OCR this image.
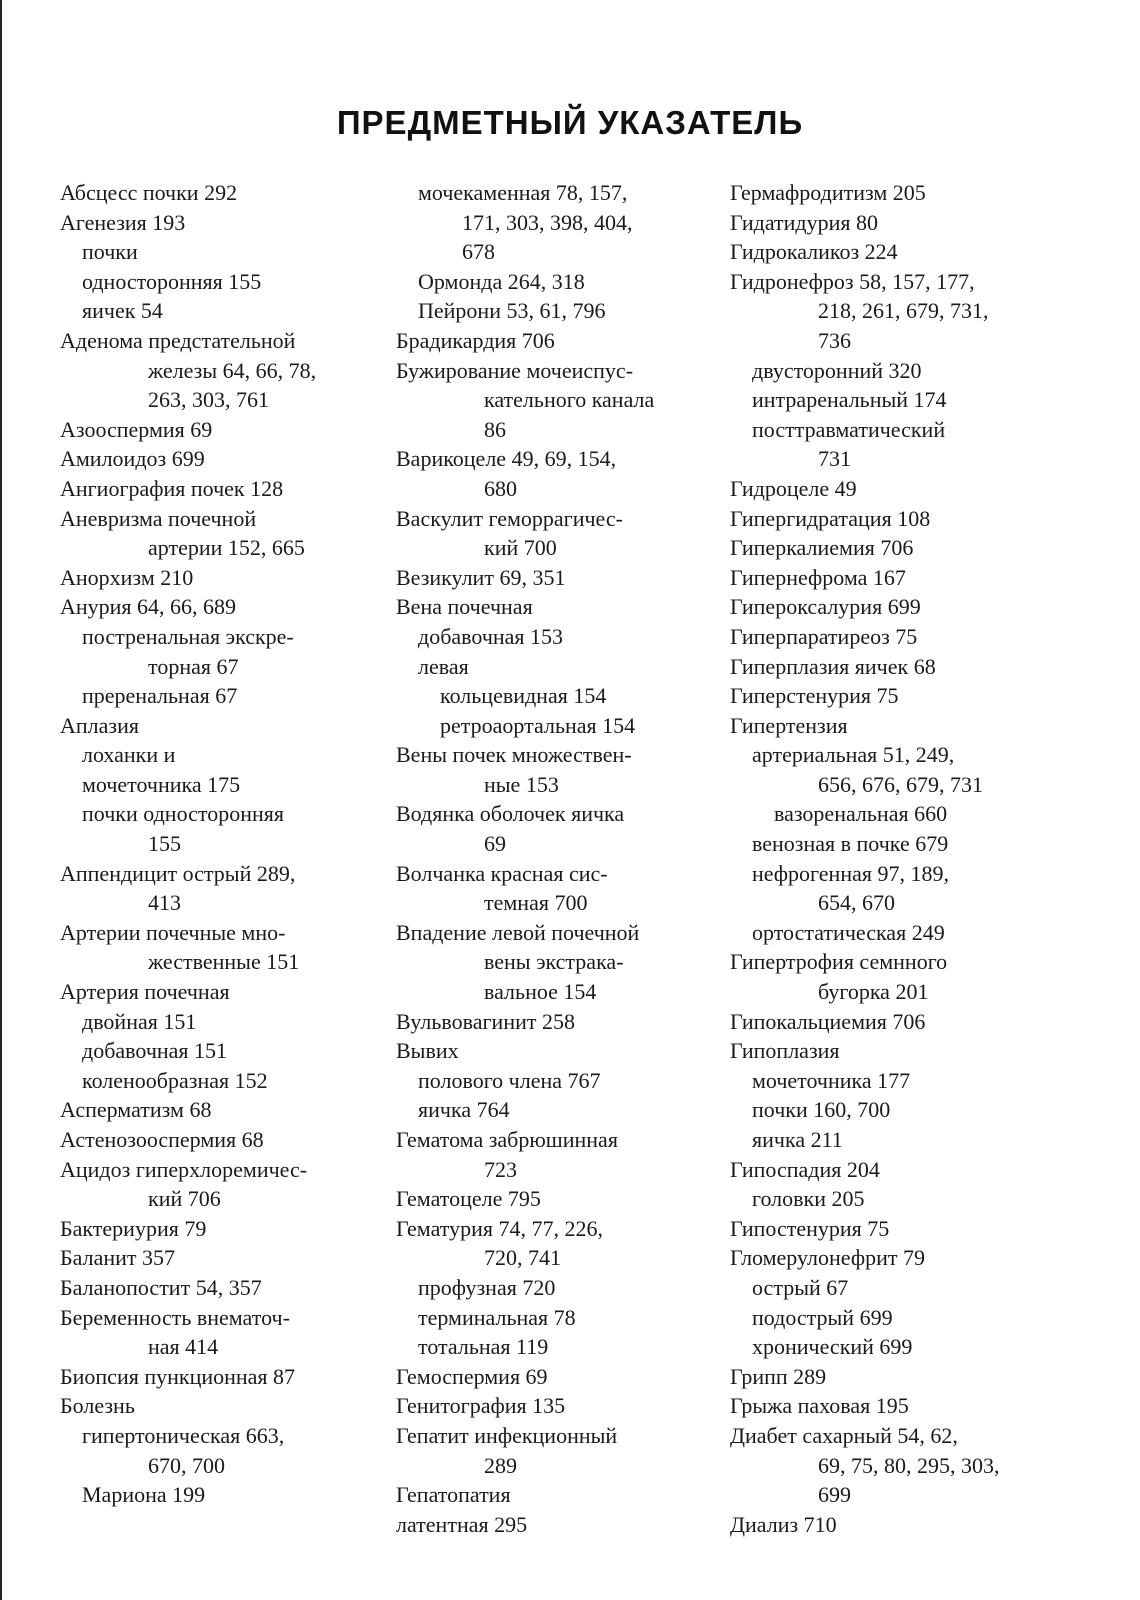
ПРЕДМЕТНЫЙ УКАЗАТЕЛЬ
Абсцесс почки 292
Агенезия 193
почки
односторонняя 155
яичек 54
Аденома предстательной
железы 64, 66, 78,
263, 303, 761
Азооспермия 69
Амилоидоз 699
Ангиография почек 128
Аневризма почечной
артерии 152, 665
Анорхизм 210
Анурия 64, 66, 689
постренальная экскре-
торная 67
преренальная 67
Аплазия
лоханки и
мочеточника 175
почки односторонняя
155
Аппендицит острый 289,
413
Артерии почечные мно-
жественные 151
Артерия почечная
двойная 151
добавочная 151
коленообразная 152
Асперматизм 68
Астенозооспермия 68
Ацидоз гиперхлоремичес-
кий 706
Бактериурия 79
Баланит 357
Баланопостит 54, 357
Беременность внематоч-
ная 414
Биопсия пункционная 87
Болезнь
гипертоническая 663,
670, 700
Мариона 199
мочекаменная 78, 157,
171, 303, 398, 404,
678
Ормонда 264, 318
Пейрони 53, 61, 796
Брадикардия 706
Бужирование мочеиспус-
кательного канала
86
Варикоцеле 49, 69, 154,
680
Васкулит геморрагичес-
кий 700
Везикулит 69, 351
Вена почечная
добавочная 153
левая
кольцевидная 154
ретроаортальная 154
Вены почек множествен-
ные 153
Водянка оболочек яичка
69
Волчанка красная сис-
темная 700
Впадение левой почечной
вены экстрака-
вальное 154
Вульвовагинит 258
Вывих
полового члена 767
яичка 764
Гематома забрюшинная
723
Гематоцеле 795
Гематурия 74, 77, 226,
720, 741
профузная 720
терминальная 78
тотальная 119
Гемоспермия 69
Генитография 135
Гепатит инфекционный
289
Гепатопатия
латентная 295
Гермафродитизм 205
Гидатидурия 80
Гидрокаликоз 224
Гидронефроз 58, 157, 177,
218, 261, 679, 731,
736
двусторонний 320
интраренальный 174
посттравматический
731
Гидроцеле 49
Гипергидратация 108
Гиперкалиемия 706
Гипернефрома 167
Гипероксалурия 699
Гиперпаратиреоз 75
Гиперплазия яичек 68
Гиперстенурия 75
Гипертензия
артериальная 51, 249,
656, 676, 679, 731
вазоренальная 660
венозная в почке 679
нефрогенная 97, 189,
654, 670
ортостатическая 249
Гипертрофия семнного
бугорка 201
Гипокальциемия 706
Гипоплазия
мочеточника 177
почки 160, 700
яичка 211
Гипоспадия 204
головки 205
Гипостенурия 75
Гломерулонефрит 79
острый 67
подострый 699
хронический 699
Грипп 289
Грыжа паховая 195
Диабет сахарный 54, 62,
69, 75, 80, 295, 303,
699
Диализ 710
